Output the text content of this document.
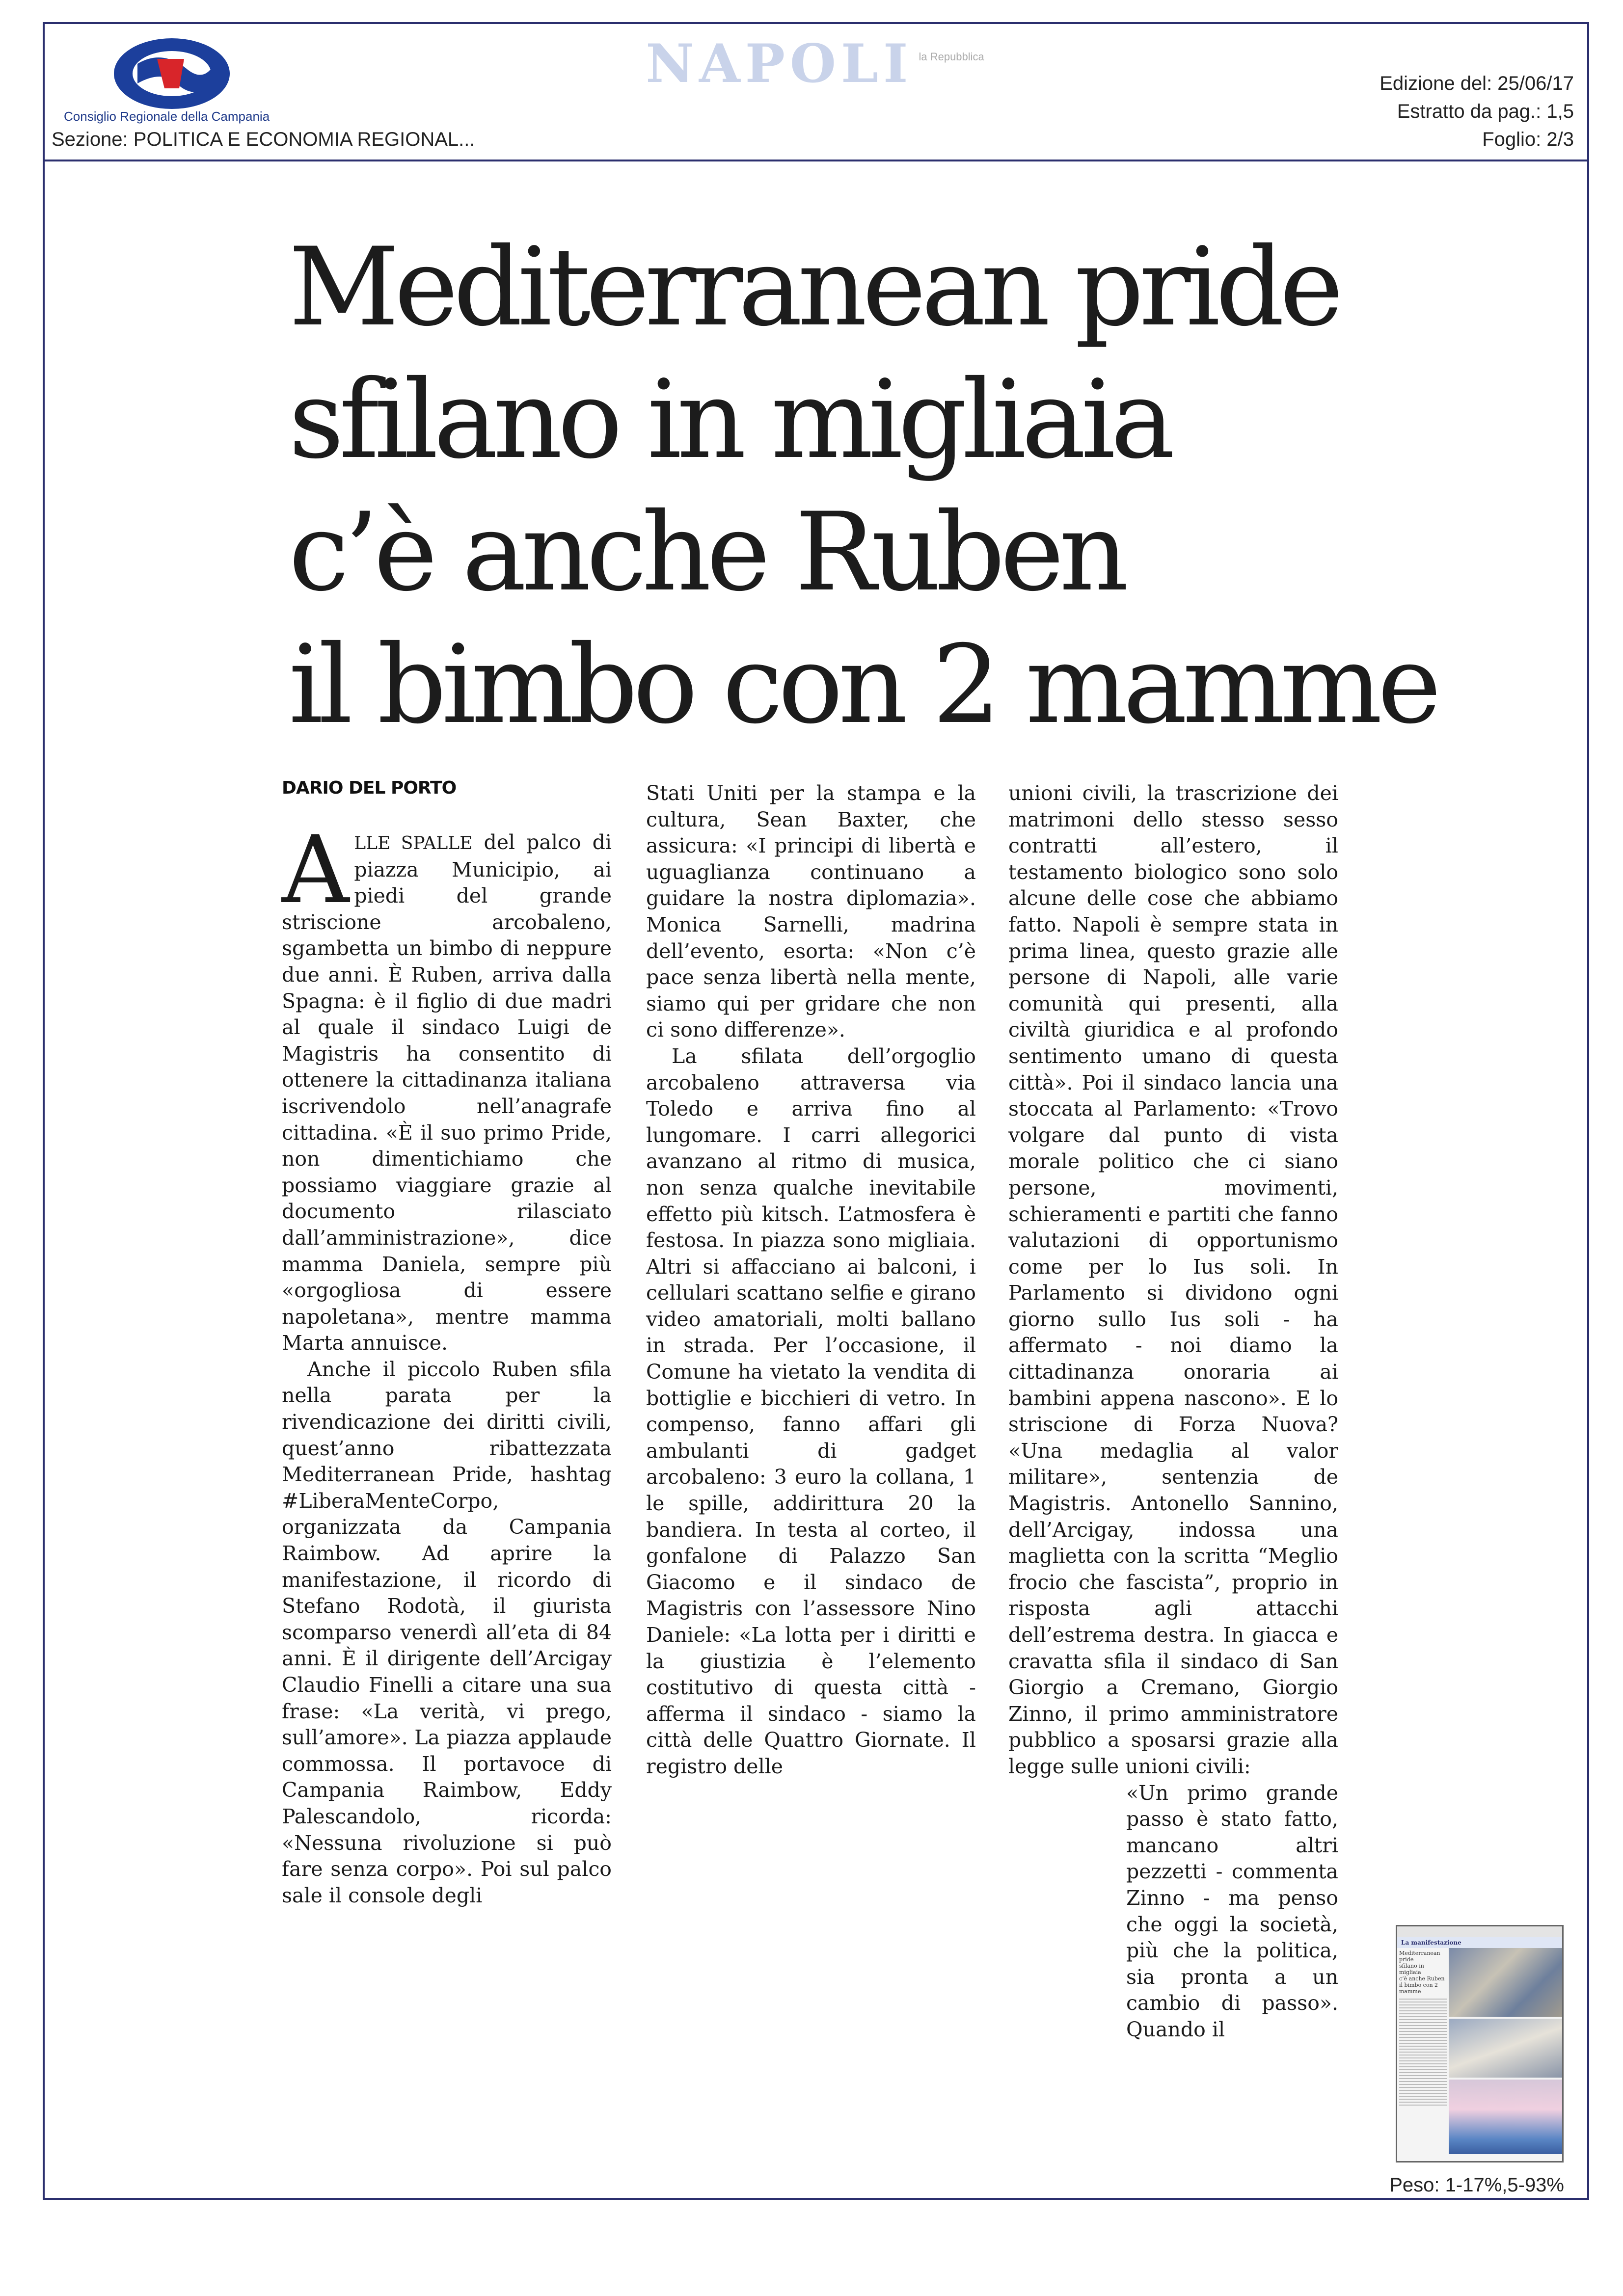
Consiglio Regionale della Campania
NAPOLI la Repubblica
Edizione del: 25/06/17
Estratto da pag.: 1,5
Foglio: 2/3
Sezione: POLITICA E ECONOMIA REGIONAL...
Mediterranean pride
sfilano in migliaia
c’è anche Ruben
il bimbo con 2 mamme
DARIO DEL PORTO

ALLE SPALLE del palco di piazza Municipio, ai piedi del grande striscione arcobaleno, sgambetta un bimbo di neppure due anni. È Ruben, arriva dalla Spagna: è il figlio di due madri al quale il sindaco Luigi de Magistris ha consentito di ottenere la cittadinanza italiana iscrivendolo nell’anagrafe cittadina. «È il suo primo Pride, non dimentichiamo che possiamo viaggiare grazie al documento rilasciato dall’amministrazione», dice mamma Daniela, sempre più «orgogliosa di essere napoletana», mentre mamma Marta annuisce.

Anche il piccolo Ruben sfila nella parata per la rivendicazione dei diritti civili, quest’anno ribattezzata Mediterranean Pride, hashtag #LiberaMenteCorpo, organizzata da Campania Raimbow. Ad aprire la manifestazione, il ricordo di Stefano Rodotà, il giurista scomparso venerdì all’eta di 84 anni. È il dirigente dell’Arcigay Claudio Finelli a citare una sua frase: «La verità, vi prego, sull’amore». La piazza applaude commossa. Il portavoce di Campania Raimbow, Eddy Palescandolo, ricorda: «Nessuna rivoluzione si può fare senza corpo». Poi sul palco sale il console degli

Stati Uniti per la stampa e la cultura, Sean Baxter, che assicura: «I principi di libertà e uguaglianza continuano a guidare la nostra diplomazia». Monica Sarnelli, madrina dell’evento, esorta: «Non c’è pace senza libertà nella mente, siamo qui per gridare che non ci sono differenze».

La sfilata dell’orgoglio arcobaleno attraversa via Toledo e arriva fino al lungomare. I carri allegorici avanzano al ritmo di musica, non senza qualche inevitabile effetto più kitsch. L’atmosfera è festosa. In piazza sono migliaia. Altri si affacciano ai balconi, i cellulari scattano selfie e girano video amatoriali, molti ballano in strada. Per l’occasione, il Comune ha vietato la vendita di bottiglie e bicchieri di vetro. In compenso, fanno affari gli ambulanti di gadget arcobaleno: 3 euro la collana, 1 le spille, addirittura 20 la bandiera. In testa al corteo, il gonfalone di Palazzo San Giacomo e il sindaco de Magistris con l’assessore Nino Daniele: «La lotta per i diritti e la giustizia è l’elemento costitutivo di questa città - afferma il sindaco - siamo la città delle Quattro Giornate. Il registro delle

unioni civili, la trascrizione dei matrimoni dello stesso sesso contratti all’estero, il testamento biologico sono solo alcune delle cose che abbiamo fatto. Napoli è sempre stata in prima linea, questo grazie alle persone di Napoli, alle varie comunità qui presenti, alla civiltà giuridica e al profondo sentimento umano di questa città». Poi il sindaco lancia una stoccata al Parlamento: «Trovo volgare dal punto di vista morale politico che ci siano persone, movimenti, schieramenti e partiti che fanno valutazioni di opportunismo come per lo Ius soli. In Parlamento si dividono ogni giorno sullo Ius soli - ha affermato - noi diamo la cittadinanza onoraria ai bambini appena nascono». E lo striscione di Forza Nuova? «Una medaglia al valor militare», sentenzia de Magistris. Antonello Sannino, dell’Arcigay, indossa una maglietta con la scritta “Meglio frocio che fascista”, proprio in risposta agli attacchi dell’estrema destra. In giacca e cravatta sfila il sindaco di San Giorgio a Cremano, Giorgio Zinno, il primo amministratore pubblico a sposarsi grazie alla legge sulle unioni civili:

«Un primo grande passo è stato fatto, mancano altri pezzetti - commenta Zinno - ma penso che oggi la società, più che la politica, sia pronta a un cambio di passo». Quando il

La manifestazione
Mediterranean pride
sfilano in migliaia
c’è anche Ruben
il bimbo con 2 mamme
Peso: 1-17%,5-93%
